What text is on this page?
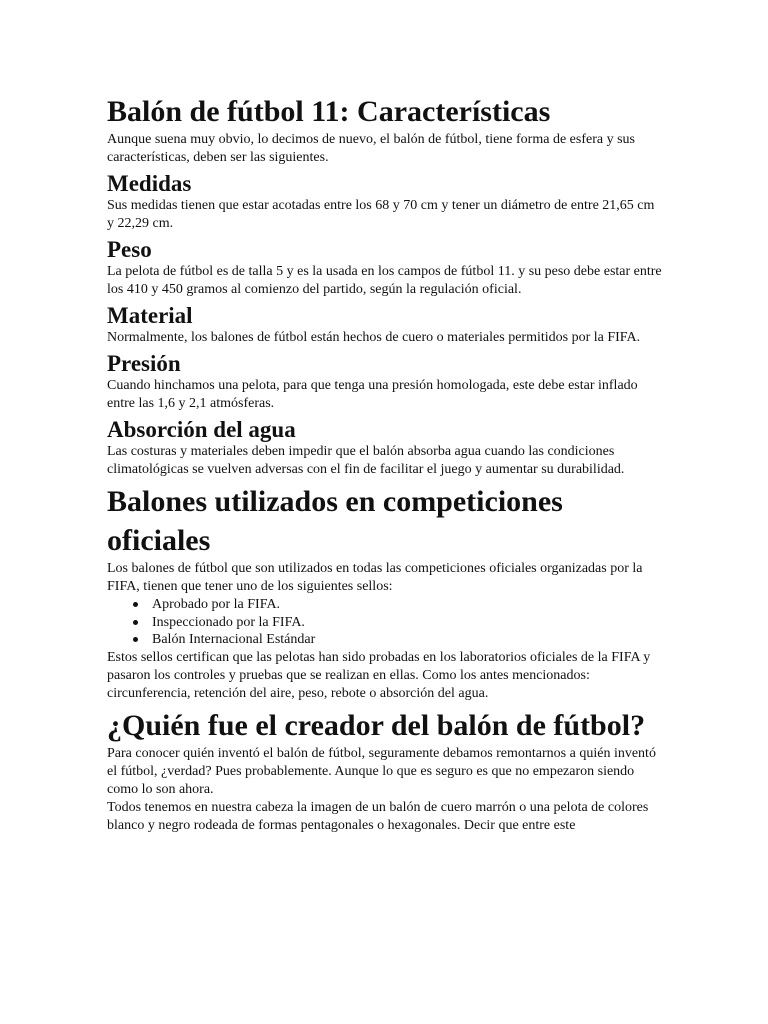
Balón de fútbol 11: Características

Aunque suena muy obvio, lo decimos de nuevo, el balón de fútbol, tiene forma de esfera y sus características, deben ser las siguientes.

Medidas

Sus medidas tienen que estar acotadas entre los 68 y 70 cm y tener un diámetro de entre 21,65 cm y 22,29 cm.

Peso

La pelota de fútbol es de talla 5 y es la usada en los campos de fútbol 11. y su peso debe estar entre los 410 y 450 gramos al comienzo del partido, según la regulación oficial.

Material

Normalmente, los balones de fútbol están hechos de cuero o materiales permitidos por la FIFA.

Presión

Cuando hinchamos una pelota, para que tenga una presión homologada, este debe estar inflado entre las 1,6 y 2,1 atmósferas.

Absorción del agua

Las costuras y materiales deben impedir que el balón absorba agua cuando las condiciones climatológicas se vuelven adversas con el fin de facilitar el juego y aumentar su durabilidad.

Balones utilizados en competiciones oficiales

Los balones de fútbol que son utilizados en todas las competiciones oficiales organizadas por la FIFA, tienen que tener uno de los siguientes sellos:

Aprobado por la FIFA.
Inspeccionado por la FIFA.
Balón Internacional Estándar

Estos sellos certifican que las pelotas han sido probadas en los laboratorios oficiales de la FIFA y pasaron los controles y pruebas que se realizan en ellas. Como los antes mencionados: circunferencia, retención del aire, peso, rebote o absorción del agua.

¿Quién fue el creador del balón de fútbol?

Para conocer quién inventó el balón de fútbol, seguramente debamos remontarnos a quién inventó el fútbol, ¿verdad? Pues probablemente. Aunque lo que es seguro es que no empezaron siendo como lo son ahora.

Todos tenemos en nuestra cabeza la imagen de un balón de cuero marrón o una pelota de colores blanco y negro rodeada de formas pentagonales o hexagonales. Decir que entre este
